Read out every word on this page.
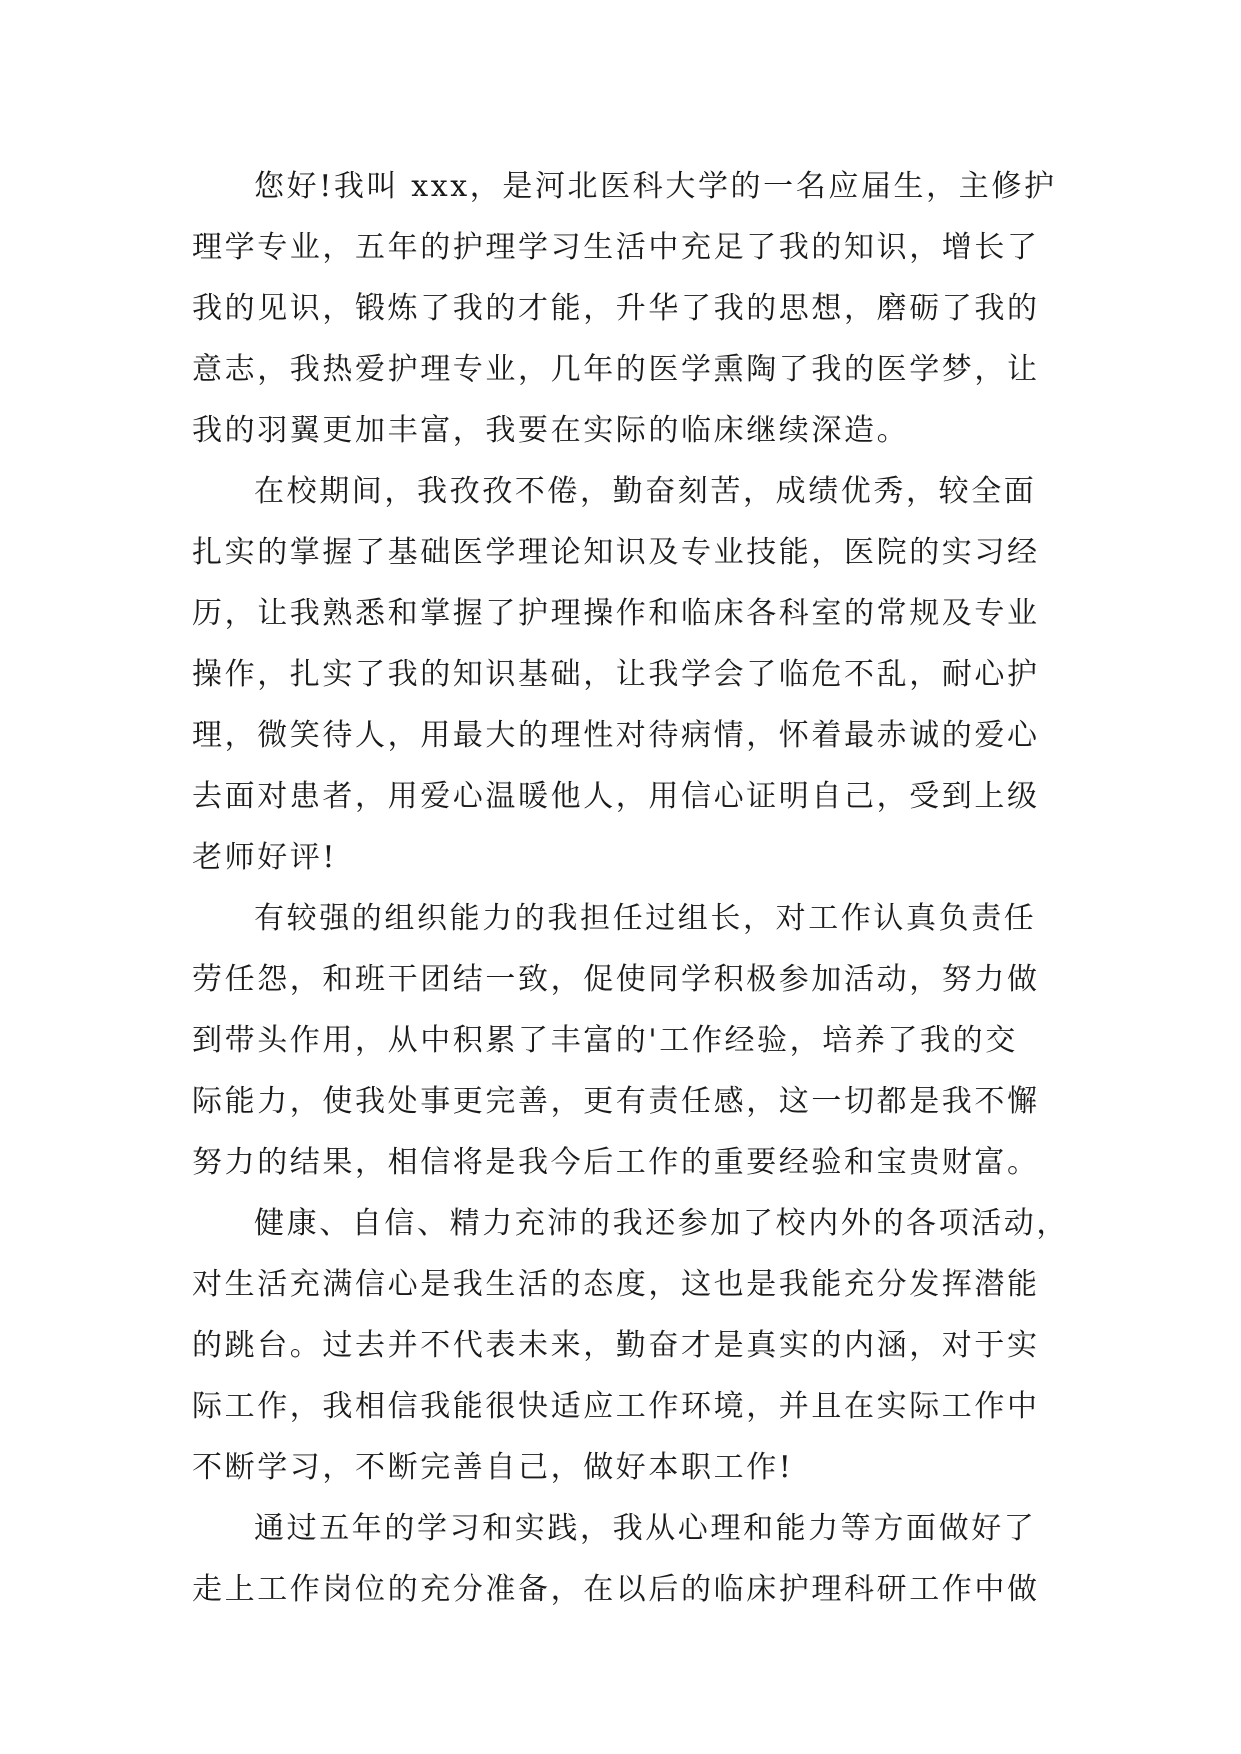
您好!我叫 xxx，是河北医科大学的一名应届生，主修护
理学专业，五年的护理学习生活中充足了我的知识，增长了
我的见识，锻炼了我的才能，升华了我的思想，磨砺了我的
意志，我热爱护理专业，几年的医学熏陶了我的医学梦，让
我的羽翼更加丰富，我要在实际的临床继续深造。
在校期间，我孜孜不倦，勤奋刻苦，成绩优秀，较全面
扎实的掌握了基础医学理论知识及专业技能，医院的实习经
历，让我熟悉和掌握了护理操作和临床各科室的常规及专业
操作，扎实了我的知识基础，让我学会了临危不乱，耐心护
理，微笑待人，用最大的理性对待病情，怀着最赤诚的爱心
去面对患者，用爱心温暖他人，用信心证明自己，受到上级
老师好评!
有较强的组织能力的我担任过组长，对工作认真负责任
劳任怨，和班干团结一致，促使同学积极参加活动，努力做
到带头作用，从中积累了丰富的'工作经验，培养了我的交
际能力，使我处事更完善，更有责任感，这一切都是我不懈
努力的结果，相信将是我今后工作的重要经验和宝贵财富。
健康、自信、精力充沛的我还参加了校内外的各项活动，
对生活充满信心是我生活的态度，这也是我能充分发挥潜能
的跳台。过去并不代表未来，勤奋才是真实的内涵，对于实
际工作，我相信我能很快适应工作环境，并且在实际工作中
不断学习，不断完善自己，做好本职工作!
通过五年的学习和实践，我从心理和能力等方面做好了
走上工作岗位的充分准备，在以后的临床护理科研工作中做
